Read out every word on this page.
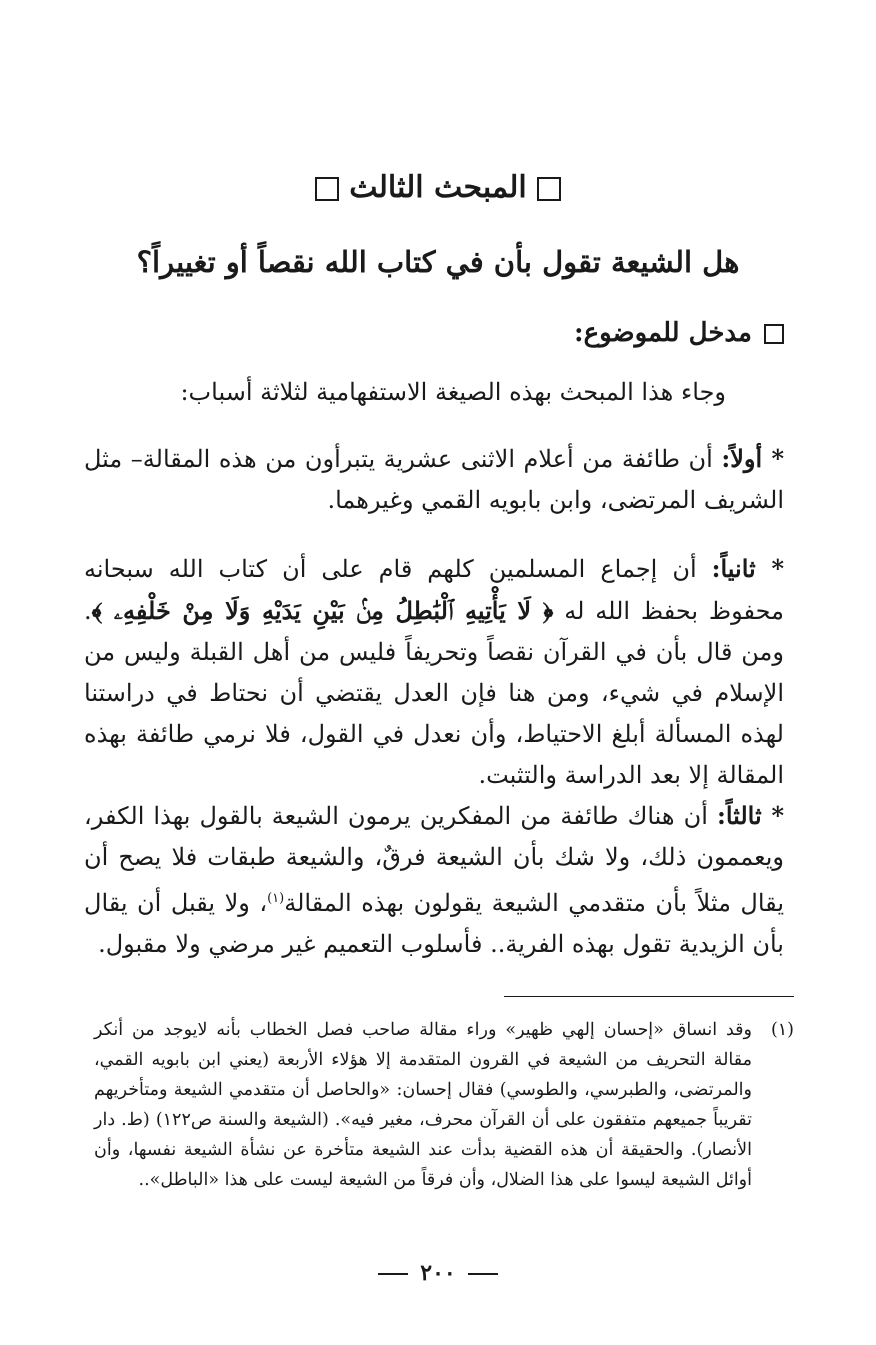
المبحث الثالث
هل الشيعة تقول بأن في كتاب الله نقصاً أو تغييراً؟
مدخل للموضوع:
وجاء هذا المبحث بهذه الصيغة الاستفهامية لثلاثة أسباب:
* أولاً: أن طائفة من أعلام الاثنى عشرية يتبرأون من هذه المقالة– مثل الشريف المرتضى، وابن بابويه القمي وغيرهما.
* ثانياً: أن إجماع المسلمين كلهم قام على أن كتاب الله سبحانه محفوظ بحفظ الله له ﴿ لَا يَأْتِيهِ ٱلْبَٰطِلُ مِنۢ بَيْنِ يَدَيْهِ وَلَا مِنْ خَلْفِهِۦ ﴾. ومن قال بأن في القرآن نقصاً وتحريفاً فليس من أهل القبلة وليس من الإسلام في شيء، ومن هنا فإن العدل يقتضي أن نحتاط في دراستنا لهذه المسألة أبلغ الاحتياط، وأن نعدل في القول، فلا نرمي طائفة بهذه المقالة إلا بعد الدراسة والتثبت.
* ثالثاً: أن هناك طائفة من المفكرين يرمون الشيعة بالقول بهذا الكفر، ويعممون ذلك، ولا شك بأن الشيعة فرقٌ، والشيعة طبقات فلا يصح أن يقال مثلاً بأن متقدمي الشيعة يقولون بهذه المقالة$^{(١)}$، ولا يقبل أن يقال بأن الزيدية تقول بهذه الفرية.. فأسلوب التعميم غير مرضي ولا مقبول.
(١)
وقد انساق «إحسان إلهي ظهير» وراء مقالة صاحب فصل الخطاب بأنه لايوجد من أنكر مقالة التحريف من الشيعة في القرون المتقدمة إلا هؤلاء الأربعة (يعني ابن بابويه القمي، والمرتضى، والطبرسي، والطوسي) فقال إحسان: «والحاصل أن متقدمي الشيعة ومتأخريهم تقريباً جميعهم متفقون على أن القرآن محرف، مغير فيه». (الشيعة والسنة ص١٢٢) (ط. دار الأنصار). والحقيقة أن هذه القضية بدأت عند الشيعة متأخرة عن نشأة الشيعة نفسها، وأن أوائل الشيعة ليسوا على هذا الضلال، وأن فرقاً من الشيعة ليست على هذا «الباطل»..
٢٠٠
